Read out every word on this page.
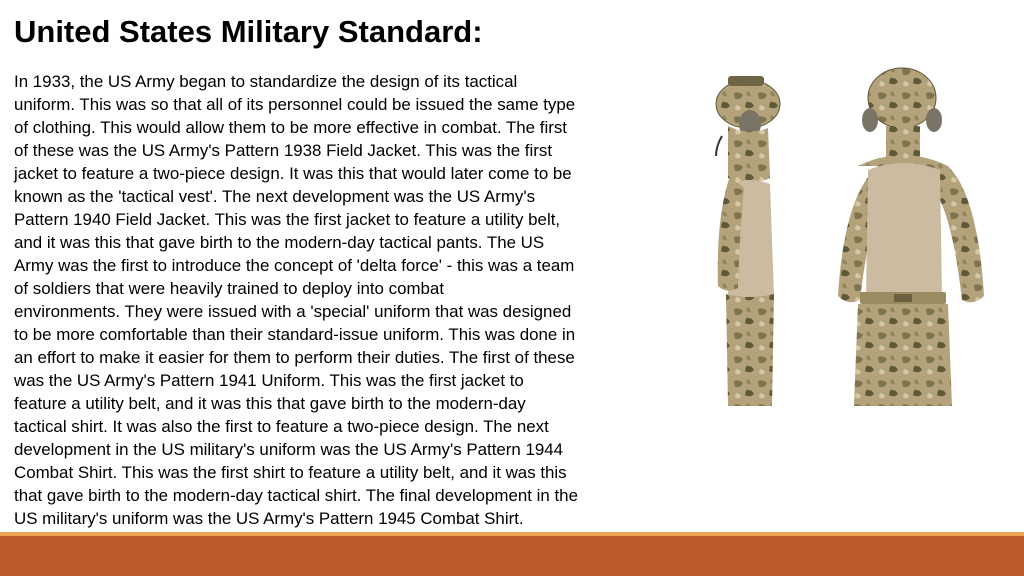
United States Military Standard:
In 1933, the US Army began to standardize the design of its tactical
uniform. This was so that all of its personnel could be issued the same type
of clothing. This would allow them to be more effective in combat. The first
of these was the US Army's Pattern 1938 Field Jacket. This was the first
jacket to feature a two-piece design. It was this that would later come to be
known as the 'tactical vest'. The next development was the US Army's
Pattern 1940 Field Jacket. This was the first jacket to feature a utility belt,
and it was this that gave birth to the modern-day tactical pants. The US
Army was the first to introduce the concept of 'delta force' - this was a team
of soldiers that were heavily trained to deploy into combat
environments. They were issued with a 'special' uniform that was designed
to be more comfortable than their standard-issue uniform. This was done in
an effort to make it easier for them to perform their duties. The first of these
was the US Army's Pattern 1941 Uniform. This was the first jacket to
feature a utility belt, and it was this that gave birth to the modern-day
tactical shirt. It was also the first to feature a two-piece design. The next
development in the US military's uniform was the US Army's Pattern 1944
Combat Shirt. This was the first shirt to feature a utility belt, and it was this
that gave birth to the modern-day tactical shirt. The final development in the
US military's uniform was the US Army's Pattern 1945 Combat Shirt.
